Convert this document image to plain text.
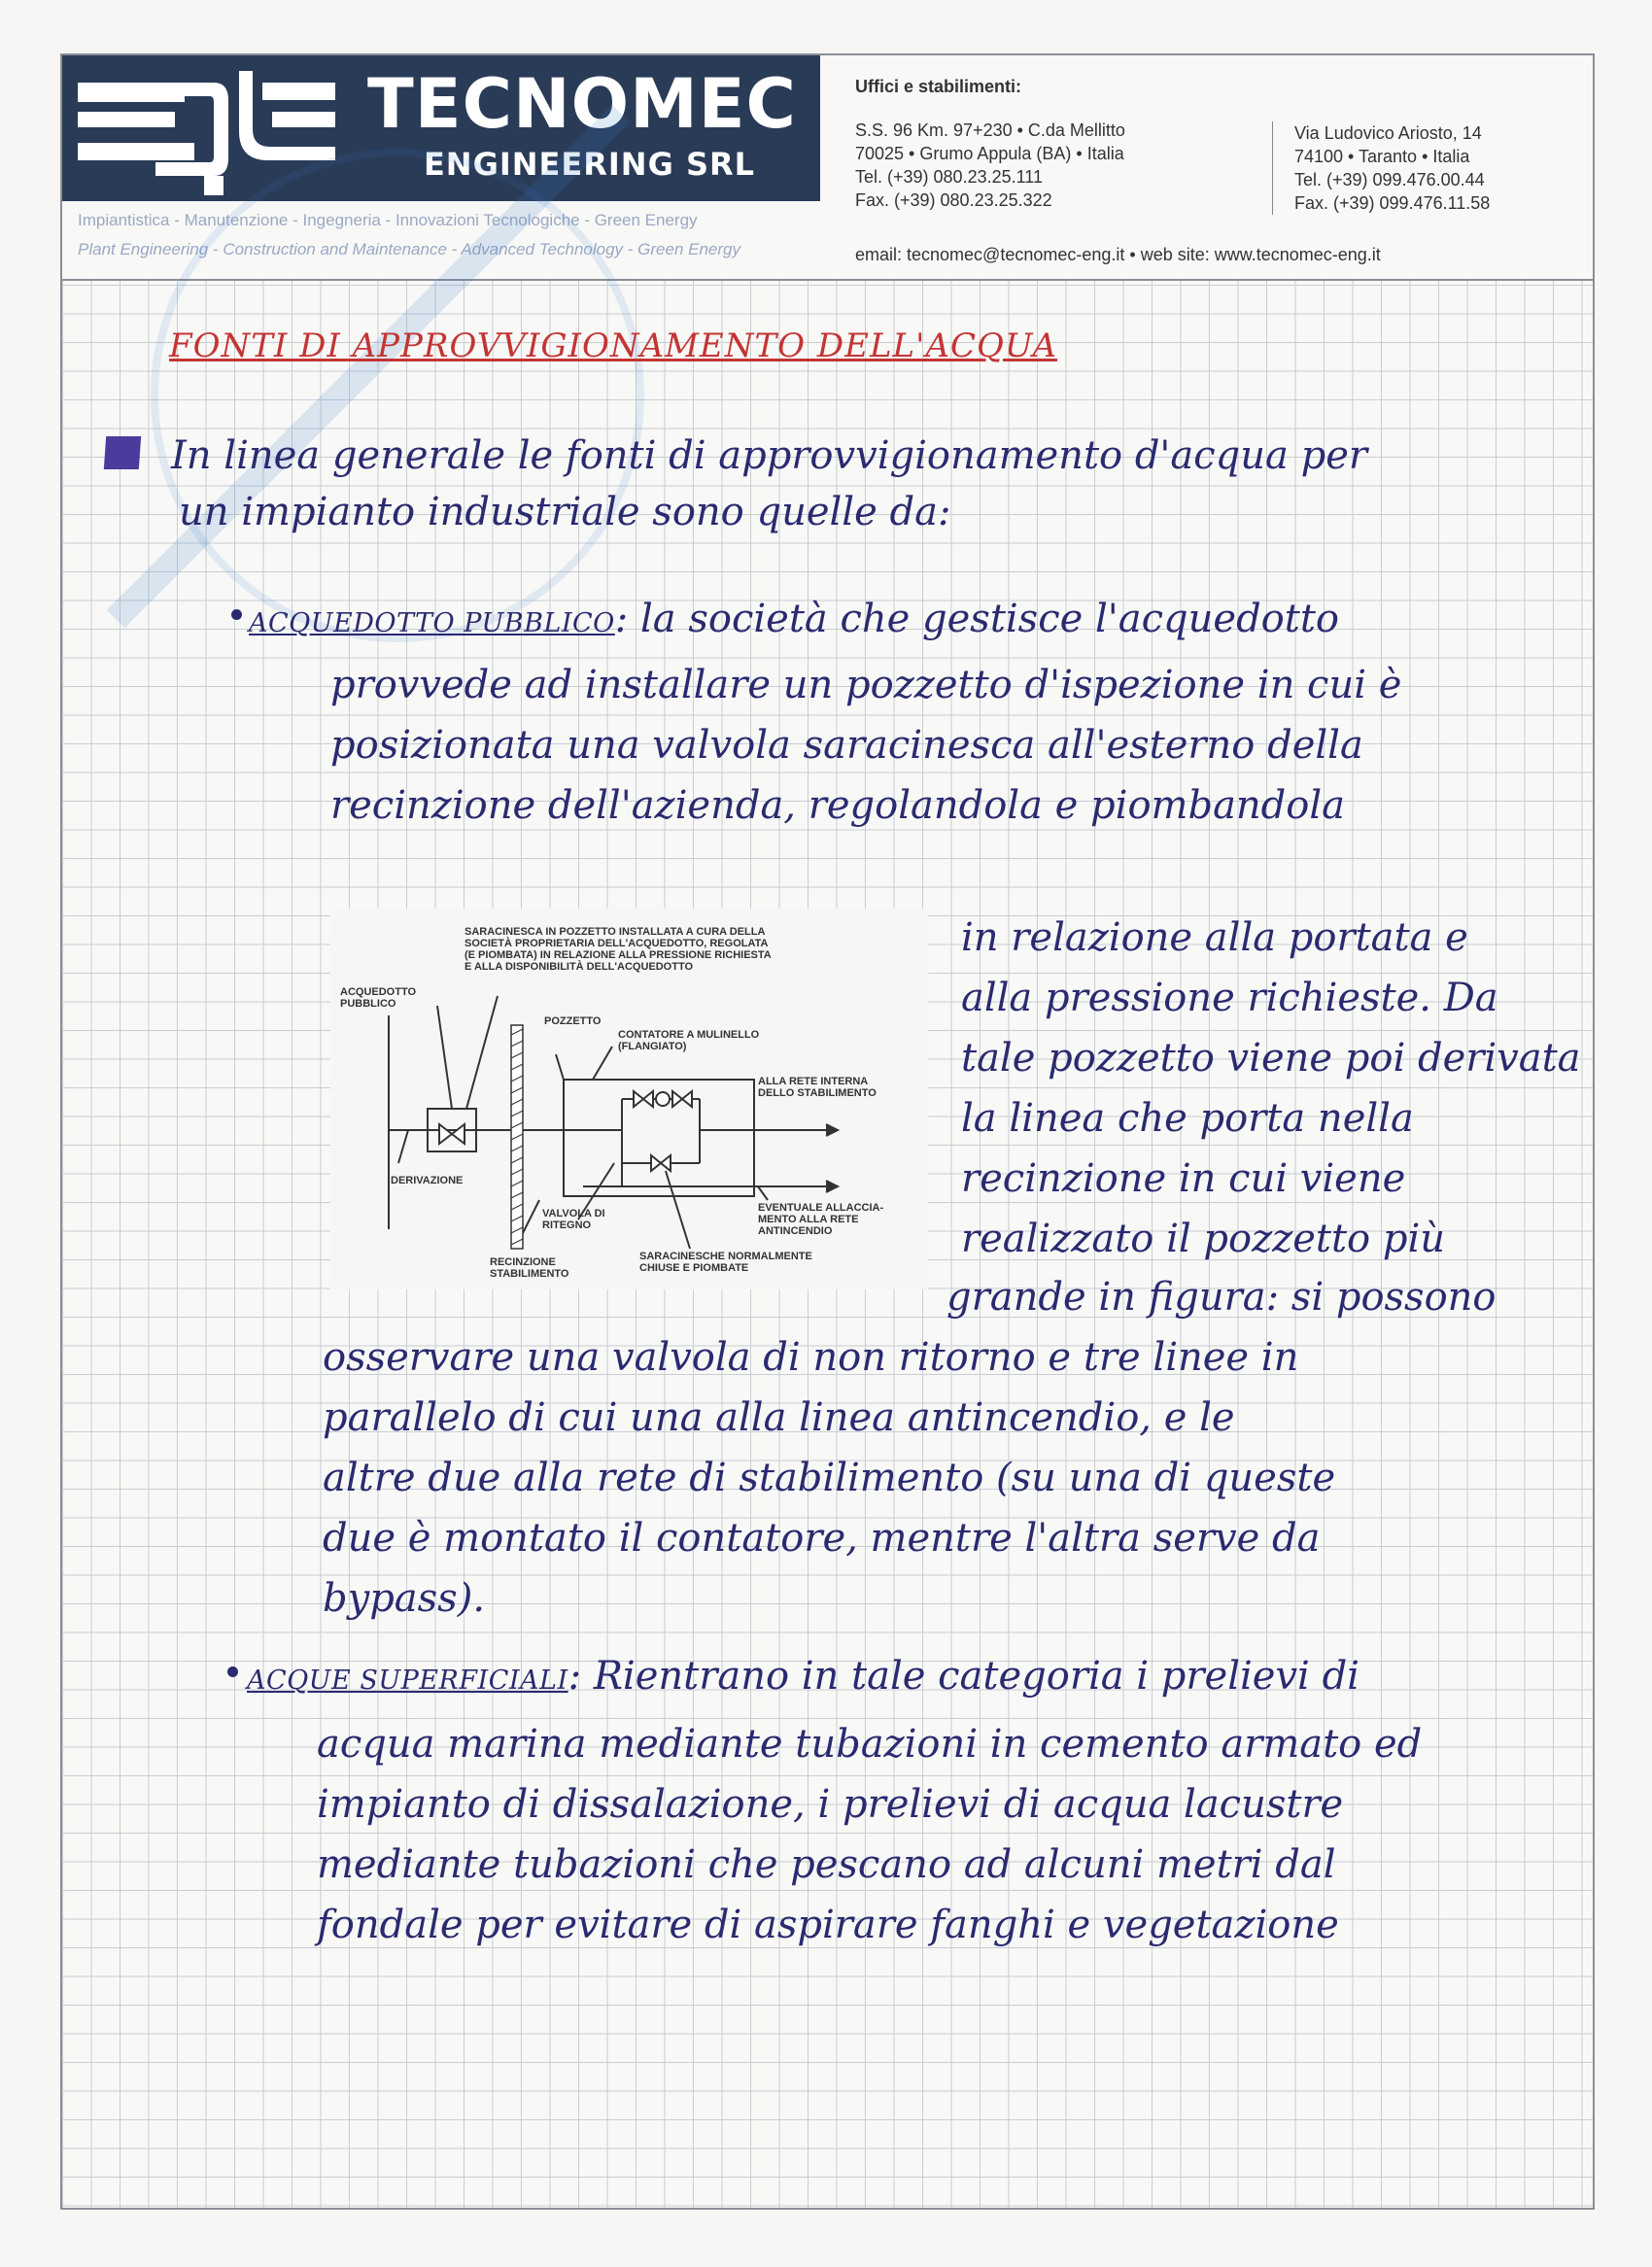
TECNOMEC
ENGINEERING SRL
Impiantistica - Manutenzione - Ingegneria - Innovazioni Tecnologiche - Green Energy
Plant Engineering - Construction and Maintenance - Advanced Technology - Green Energy
Uffici e stabilimenti:
S.S. 96 Km. 97+230 • C.da Mellitto
70025 • Grumo Appula (BA) • Italia
Tel. (+39) 080.23.25.111
Fax. (+39) 080.23.25.322
Via Ludovico Ariosto, 14
74100 • Taranto • Italia
Tel. (+39) 099.476.00.44
Fax. (+39) 099.476.11.58
email: tecnomec@tecnomec-eng.it • web site: www.tecnomec-eng.it
FONTI DI APPROVVIGIONAMENTO DELL'ACQUA
In linea generale le fonti di approvvigionamento d'acqua per
un impianto industriale sono quelle da:
ACQUEDOTTO PUBBLICO: la società che gestisce l'acquedotto
provvede ad installare un pozzetto d'ispezione in cui è
posizionata una valvola saracinesca all'esterno della
recinzione dell'azienda, regolandola e piombandola
in relazione alla portata e
alla pressione richieste. Da
tale pozzetto viene poi derivata
la linea che porta nella
recinzione in cui viene
realizzato il pozzetto più
grande in figura: si possono
osservare una valvola di non ritorno e tre linee in
parallelo di cui una alla linea antincendio, e le
altre due alla rete di stabilimento (su una di queste
due è montato il contatore, mentre l'altra serve da
bypass).
ACQUE SUPERFICIALI: Rientrano in tale categoria i prelievi di
acqua marina mediante tubazioni in cemento armato ed
impianto di dissalazione, i prelievi di acqua lacustre
mediante tubazioni che pescano ad alcuni metri dal
fondale per evitare di aspirare fanghi e vegetazione
SARACINESCA IN POZZETTO INSTALLATA A CURA DELLA
SOCIETÀ PROPRIETARIA DELL'ACQUEDOTTO, REGOLATA
(E PIOMBATA) IN RELAZIONE ALLA PRESSIONE RICHIESTA
E ALLA DISPONIBILITÀ DELL'ACQUEDOTTO
ACQUEDOTTO
PUBBLICO
POZZETTO
CONTATORE A MULINELLO
(FLANGIATO)
ALLA RETE INTERNA
DELLO STABILIMENTO
DERIVAZIONE
VALVOLA DI
RITEGNO
EVENTUALE ALLACCIA-
MENTO ALLA RETE
ANTINCENDIO
SARACINESCHE NORMALMENTE
CHIUSE E PIOMBATE
RECINZIONE
STABILIMENTO
